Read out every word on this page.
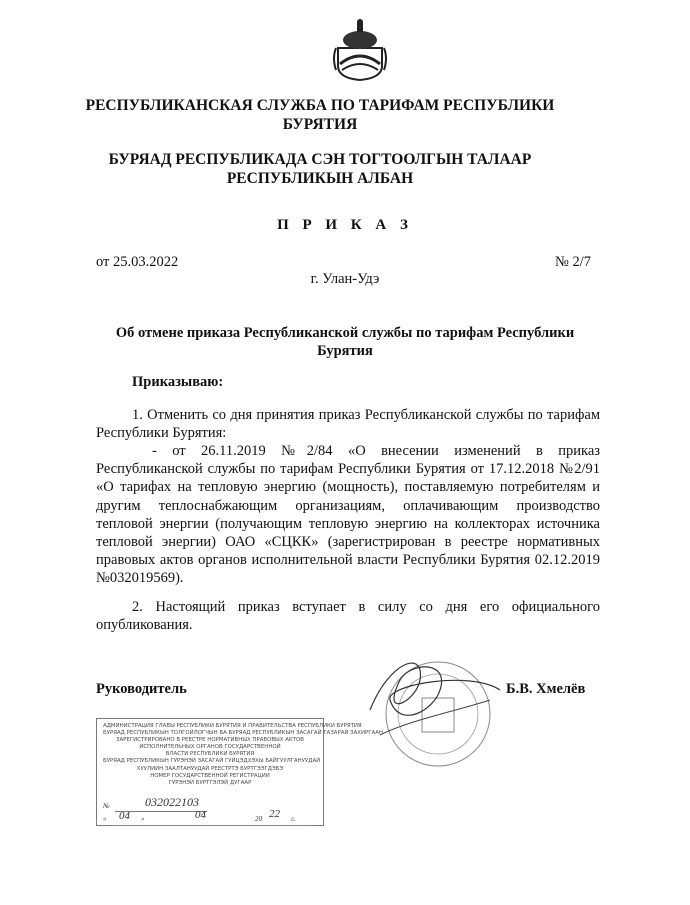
РЕСПУБЛИКАНСКАЯ СЛУЖБА ПО ТАРИФАМ РЕСПУБЛИКИ
БУРЯТИЯ
БУРЯАД РЕСПУБЛИКАДА СЭН ТОГТООЛГЫН ТАЛААР
РЕСПУБЛИКЫН АЛБАН
П Р И К А З
от 25.03.2022	№ 2/7
г. Улан-Удэ
Об отмене приказа Республиканской службы по тарифам Республики
Бурятия
Приказываю:
1. Отменить со дня принятия приказ Республиканской службы по тарифам Республики Бурятия:
- от 26.11.2019 №2/84 «О внесении изменений в приказ Республиканской службы по тарифам Республики Бурятия от 17.12.2018 №2/91 «О тарифах на тепловую энергию (мощность), поставляемую потребителям и другим теплоснабжающим организациям, оплачивающим производство тепловой энергии (получающим тепловую энергию на коллекторах источника тепловой энергии) ОАО «СЦКК» (зарегистрирован в реестре нормативных правовых актов органов исполнительной власти Республики Бурятия 02.12.2019 №032019569).
2. Настоящий приказ вступает в силу со дня его официального опубликования.
Руководитель	Б.В. Хмелёв
АДМИНИСТРАЦИЯ ГЛАВЫ РЕСПУБЛИКИ БУРЯТИЯ И ПРАВИТЕЛЬСТВА РЕСПУБЛИКИ БУРЯТИЯ
БУРЯАД РЕСПУБЛИКЫН ТОЛГОЙЛОГЧЫН БА БУРЯАД РЕСПУБЛИКЫН ЗАСАГАЙ ГАЗАРАЙ ЗАХИРГААН
ЗАРЕГИСТРИРОВАНО В РЕЕСТРЕ НОРМАТИВНЫХ ПРАВОВЫХ АКТОВ
ИСПОЛНИТЕЛЬНЫХ ОРГАНОВ ГОСУДАРСТВЕННОЙ
ВЛАСТИ РЕСПУБЛИКИ БУРЯТИЯ
БУРЯАД РЕСПУБЛИКЫН ГУРЭНЭЙ ЗАСАГАЙ ГУЙЦЭДХЭХЫ БАЙГУУЛГАНУУДАЙ
ХУУЛИИН ЗААЛТАНУУДАЙ РЕЕСТРТЭ БУРТГЭЭГДЭБЭ
НОМЕР ГОСУДАРСТВЕННОЙ РЕГИСТРАЦИИ
ГУРЭНЭЙ БУРТГЭЛЭЙ ДУГААР
№	032022103
« 04 »	04	20 22 г.
